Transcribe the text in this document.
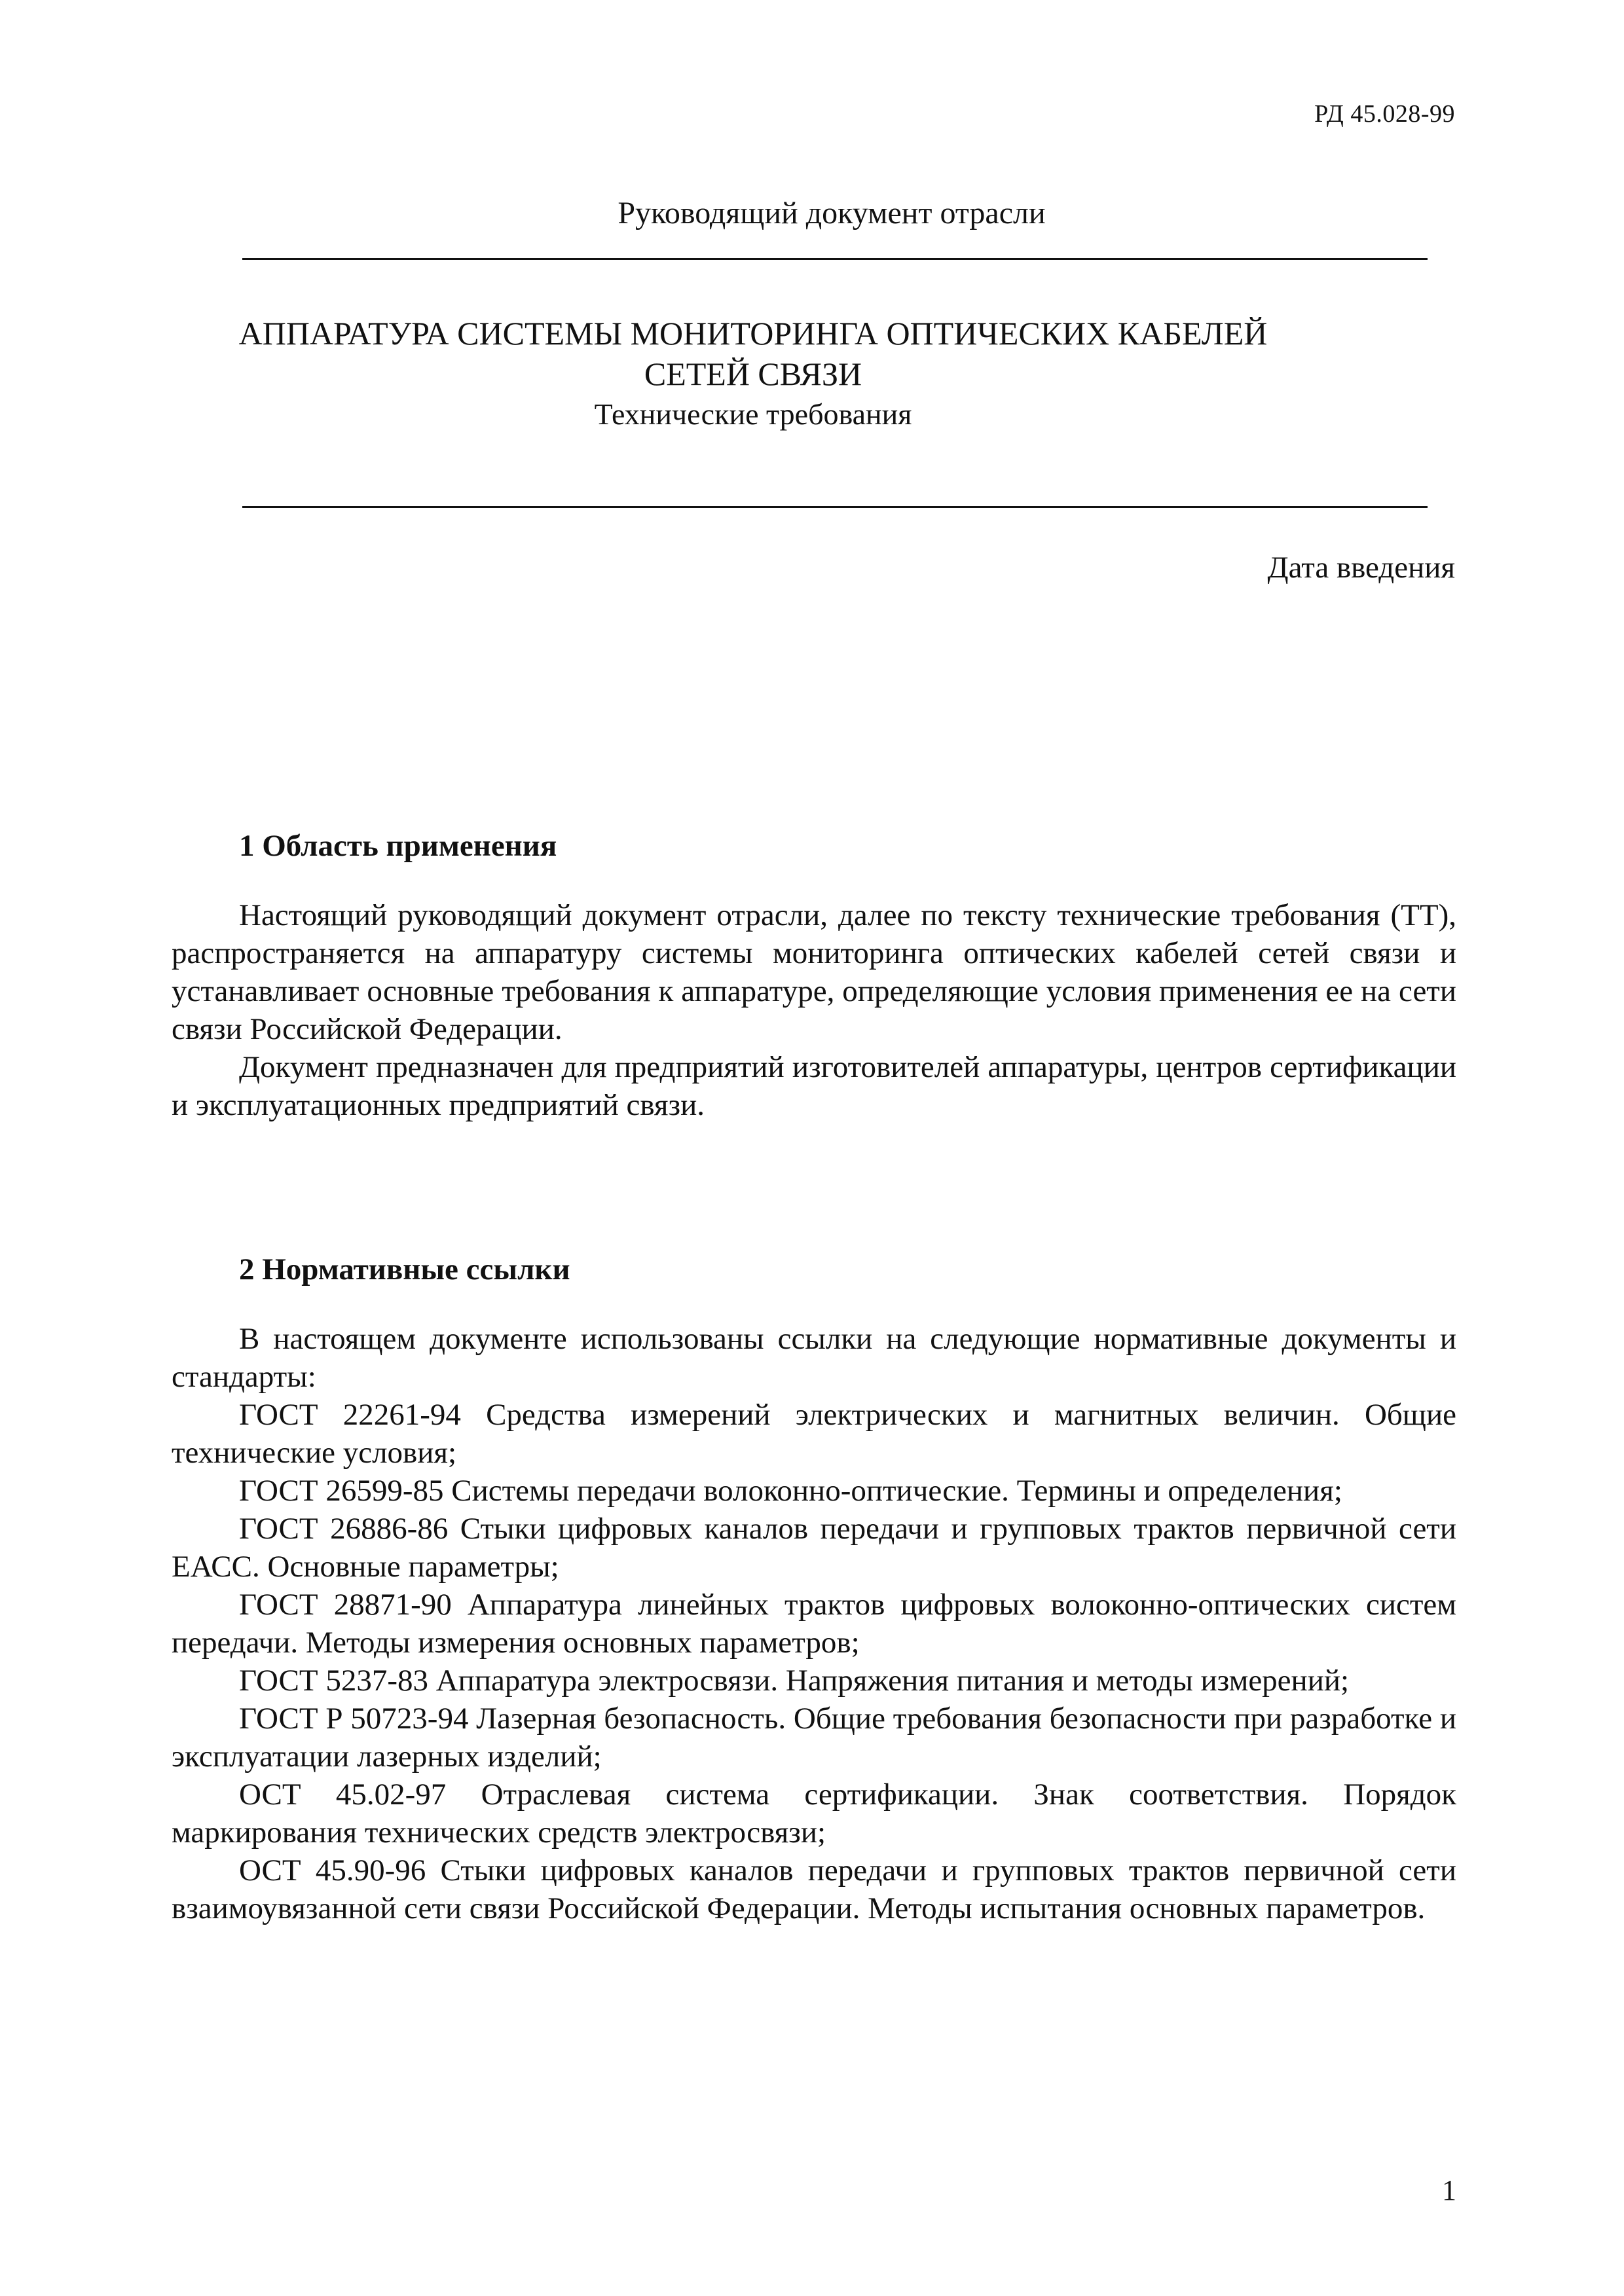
РД 45.028-99
Руководящий документ отрасли
АППАРАТУРА СИСТЕМЫ МОНИТОРИНГА ОПТИЧЕСКИХ КАБЕЛЕЙ
СЕТЕЙ СВЯЗИ
Технические требования
Дата введения
1 Область применения

Настоящий руководящий документ отрасли, далее по тексту технические требования (ТТ), распространяется на аппаратуру системы мониторинга оптических кабелей сетей связи и устанавливает основные требования к аппаратуре, определяющие условия применения ее на сети связи Российской Федерации.

Документ предназначен для предприятий изготовителей аппаратуры, центров сертификации и эксплуатационных предприятий связи.

2 Нормативные ссылки

В настоящем документе использованы ссылки на следующие нормативные документы и стандарты:

ГОСТ 22261-94 Средства измерений электрических и магнитных величин. Общие технические условия;

ГОСТ 26599-85 Системы передачи волоконно-оптические. Термины и определения;

ГОСТ 26886-86 Стыки цифровых каналов передачи и групповых трактов первичной сети ЕАСС. Основные параметры;

ГОСТ 28871-90 Аппаратура линейных трактов цифровых волоконно-оптических систем передачи. Методы измерения основных параметров;

ГОСТ 5237-83 Аппаратура электросвязи. Напряжения питания и методы измерений;

ГОСТ Р 50723-94 Лазерная безопасность. Общие требования безопасности при разработке и эксплуатации лазерных изделий;

ОСТ 45.02-97 Отраслевая система сертификации. Знак соответствия. Порядок маркирования технических средств электросвязи;

ОСТ 45.90-96 Стыки цифровых каналов передачи и групповых трактов первичной сети взаимоувязанной сети связи Российской Федерации. Методы испытания основных параметров.

1
